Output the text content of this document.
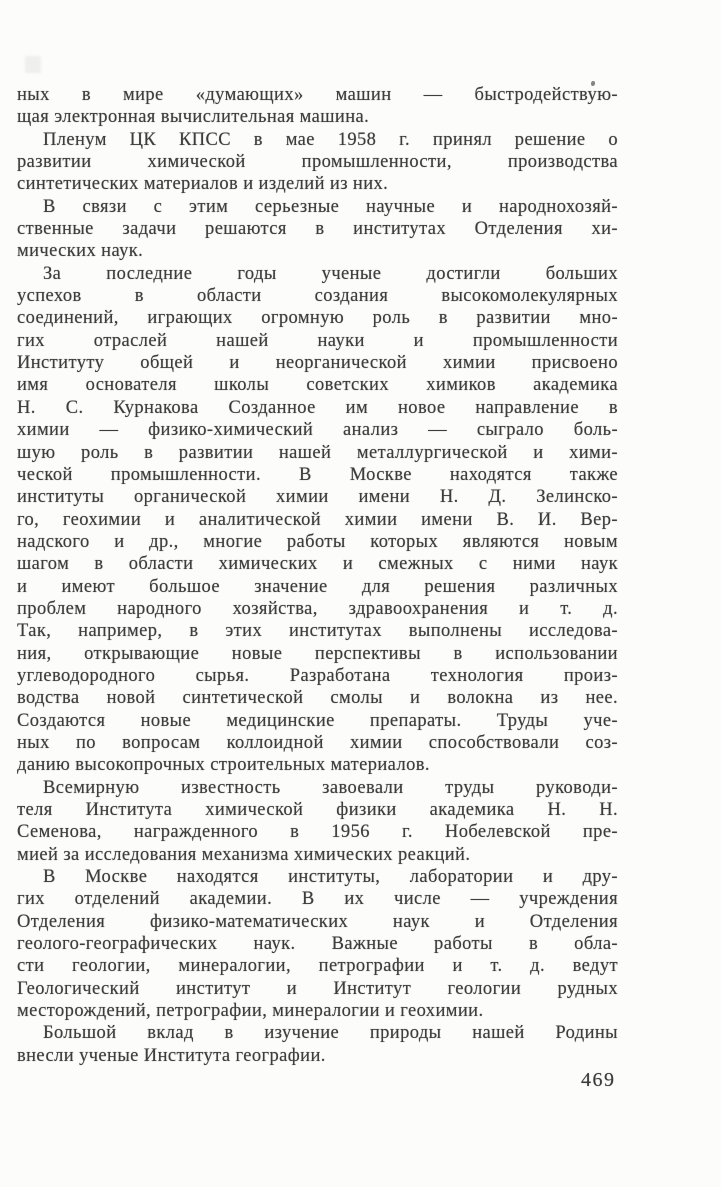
ных в мире «думающих» машин — быстродействую-
щая электронная вычислительная машина.
Пленум ЦК КПСС в мае 1958 г. принял решение о
развитии химической промышленности, производства
синтетических материалов и изделий из них.
В связи с этим серьезные научные и народнохозяй-
ственные задачи решаются в институтах Отделения хи-
мических наук.
За последние годы ученые достигли больших
успехов в области создания высокомолекулярных
соединений, играющих огромную роль в развитии мно-
гих отраслей нашей науки и промышленности
Институту общей и неорганической химии присвоено
имя основателя школы советских химиков академика
Н. С. Курнакова Созданное им новое направление в
химии — физико-химический анализ — сыграло боль-
шую роль в развитии нашей металлургической и хими-
ческой промышленности. В Москве находятся также
институты органической химии имени Н. Д. Зелинско-
го, геохимии и аналитической химии имени В. И. Вер-
надского и др., многие работы которых являются новым
шагом в области химических и смежных с ними наук
и имеют большое значение для решения различных
проблем народного хозяйства, здравоохранения и т. д.
Так, например, в этих институтах выполнены исследова-
ния, открывающие новые перспективы в использовании
углеводородного сырья. Разработана технология произ-
водства новой синтетической смолы и волокна из нее.
Создаются новые медицинские препараты. Труды уче-
ных по вопросам коллоидной химии способствовали соз-
данию высокопрочных строительных материалов.
Всемирную известность завоевали труды руководи-
теля Института химической физики академика Н. Н.
Семенова, награжденного в 1956 г. Нобелевской пре-
мией за исследования механизма химических реакций.
В Москве находятся институты, лаборатории и дру-
гих отделений академии. В их числе — учреждения
Отделения физико-математических наук и Отделения
геолого-географических наук. Важные работы в обла-
сти геологии, минералогии, петрографии и т. д. ведут
Геологический институт и Институт геологии рудных
месторождений, петрографии, минералогии и геохимии.
Большой вклад в изучение природы нашей Родины
внесли ученые Института географии.
469
